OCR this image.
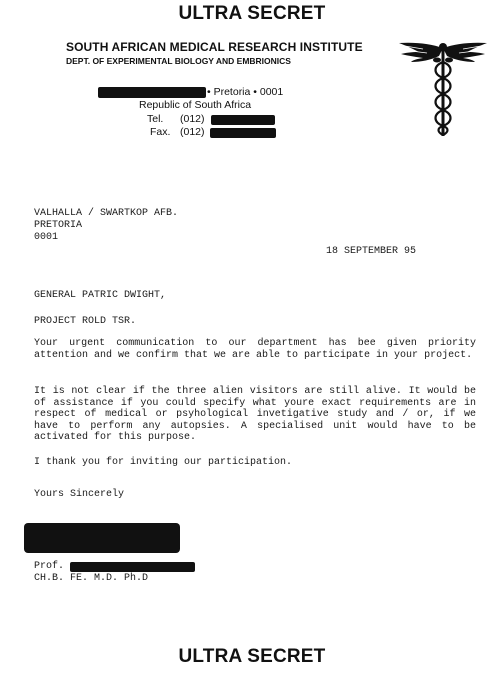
ULTRA SECRET
SOUTH AFRICAN MEDICAL RESEARCH INSTITUTE
DEPT. OF EXPERIMENTAL BIOLOGY AND EMBRIONICS
• Pretoria • 0001
Republic of South Africa
Tel. (012)
Fax. (012)
VALHALLA / SWARTKOP AFB.
PRETORIA
0001
18 SEPTEMBER 95
GENERAL PATRIC DWIGHT,
PROJECT ROLD TSR.
Your urgent communication to our department has bee given priority attention and we confirm that we are able to participate in your project.
It is not clear if the three alien visitors are still alive. It would be of assistance if you could specify what youre exact requirements are in respect of medical or psyhological invetigative study and / or, if we have to perform any autopsies. A specialised unit would have to be activated for this purpose.
I thank you for inviting our participation.
Yours Sincerely
Prof.
CH.B. FE. M.D. Ph.D
ULTRA SECRET
